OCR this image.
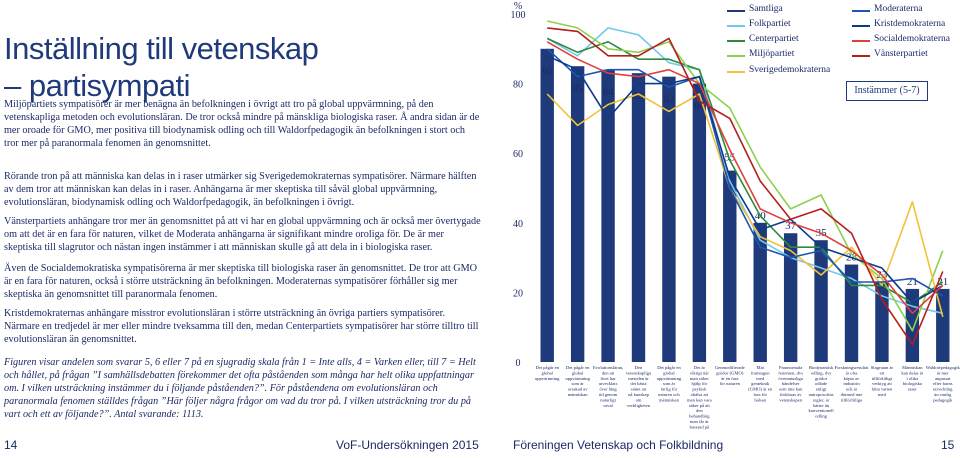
Inställning till vetenskap
– partisympati
Miljöpartiets sympatisörer är mer benägna än befolkningen i övrigt att tro på global uppvärmning, på den vetenskapliga metoden och evolutionsläran. De tror också mindre på mänskliga biologiska raser. Å andra sidan är de mer oroade för GMO, mer positiva till biodynamisk odling och till Waldorfpedagogik än befolkningen i stort och tror mer på paranormala fenomen än genomsnittet.
Rörande tron på att människa kan delas in i raser utmärker sig Sverigedemokraternas sympatisörer. Närmare hälften av dem tror att människan kan delas in i raser. Anhängarna är mer skeptiska till såväl global uppvärmning, evolutionsläran, biodynamisk odling och Waldorfpedagogik, än befolkningen i övrigt.
Vänsterpartiets anhängare tror mer än genomsnittet på att vi har en global uppvärmning och är också mer övertygade om att det är en fara för naturen, vilket de Moderata anhängarna är signifikant mindre oroliga för. De är mer skeptiska till slagrutor och nästan ingen instämmer i att människan skulle gå att dela in i biologiska raser.
Även de Socialdemokratiska sympatisörerna är mer skeptiska till biologiska raser än genomsnittet. De tror att GMO är en fara för naturen, också i större utsträckning än befolkningen. Moderaternas sympatisörer förhåller sig mer skeptiska än genomsnittet till paranormala fenomen.
Kristdemokraternas anhängare misstror evolutionsläran i större utsträckning än övriga partiers sympatisörer. Närmare en tredjedel är mer eller mindre tveksamma till den, medan Centerpartiets sympatisörer har större tilltro till evolutionsläran än genomsnittet.
Figuren visar andelen som svarar 5, 6 eller 7 på en sjugradig skala från 1 = Inte alls, 4 = Varken eller, till 7 = Helt och hållet, på frågan ”I samhällsdebatten förekommer det ofta påståenden som många har helt olika uppfattningar om. I vilken utsträckning instämmer du i följande påståenden?”. För påståendena om evolutionsläran och paranormala fenomen ställdes frågan ”Här följer några frågor om vad du tror på. I vilken utsträckning tror du på vart och ett av följande?”. Antal svarande: 1113.
14	VoF-Undersökningen 2015	Föreningen Vetenskap och Folkbildning	15
%
0
20
40
60
80
100
90
Det pågår en global uppvärmning
85
Det pågår en global uppvärmning som är orsakad av människan
84
Evolutionsläran, den att livet har utvecklats över lång tid genom naturligt urval
83
Den vetenskapliga metoden är det bästa sättet att nå kunskap om verkligheten
82
Det pågår en global uppvärmning som är farlig för naturen och människan
80
Det är viktigt när man söker hjälp för psykisk ohälsa att man kan vara säker på att den behandling man får är baserad på
55
Genmodifierade grödor (GMO) är en fara för naturen
40
Mat framtagen med genteknik (GMO) är en fara för hälsan
37
Paranormala fenomen, dvs övernaturliga händelser som inte kan förklaras av vetenskapen
35
Biodynamisk odling, dvs grödor odlade enligt antroposofins regler, är bättre än konventionell odling
28
Forskningsresultat är ofta köpta av industrin och är därmed inte tillförlitliga
23
Slagrutan är ett tillförlitligt verktyg att hitta vatten med
21
Människan kan delas in i olika biologiska raser
21
Waldorfpedagogik är mer anpassat efter barns utveckling än vanlig pedagogik
Samtliga	Moderaterna
Folkpartiet	Kristdemokraterna
Centerpartiet	Socialdemokraterna
Miljöpartiet	Vänsterpartiet
Sverigedemokraterna
Instämmer (5-7)
